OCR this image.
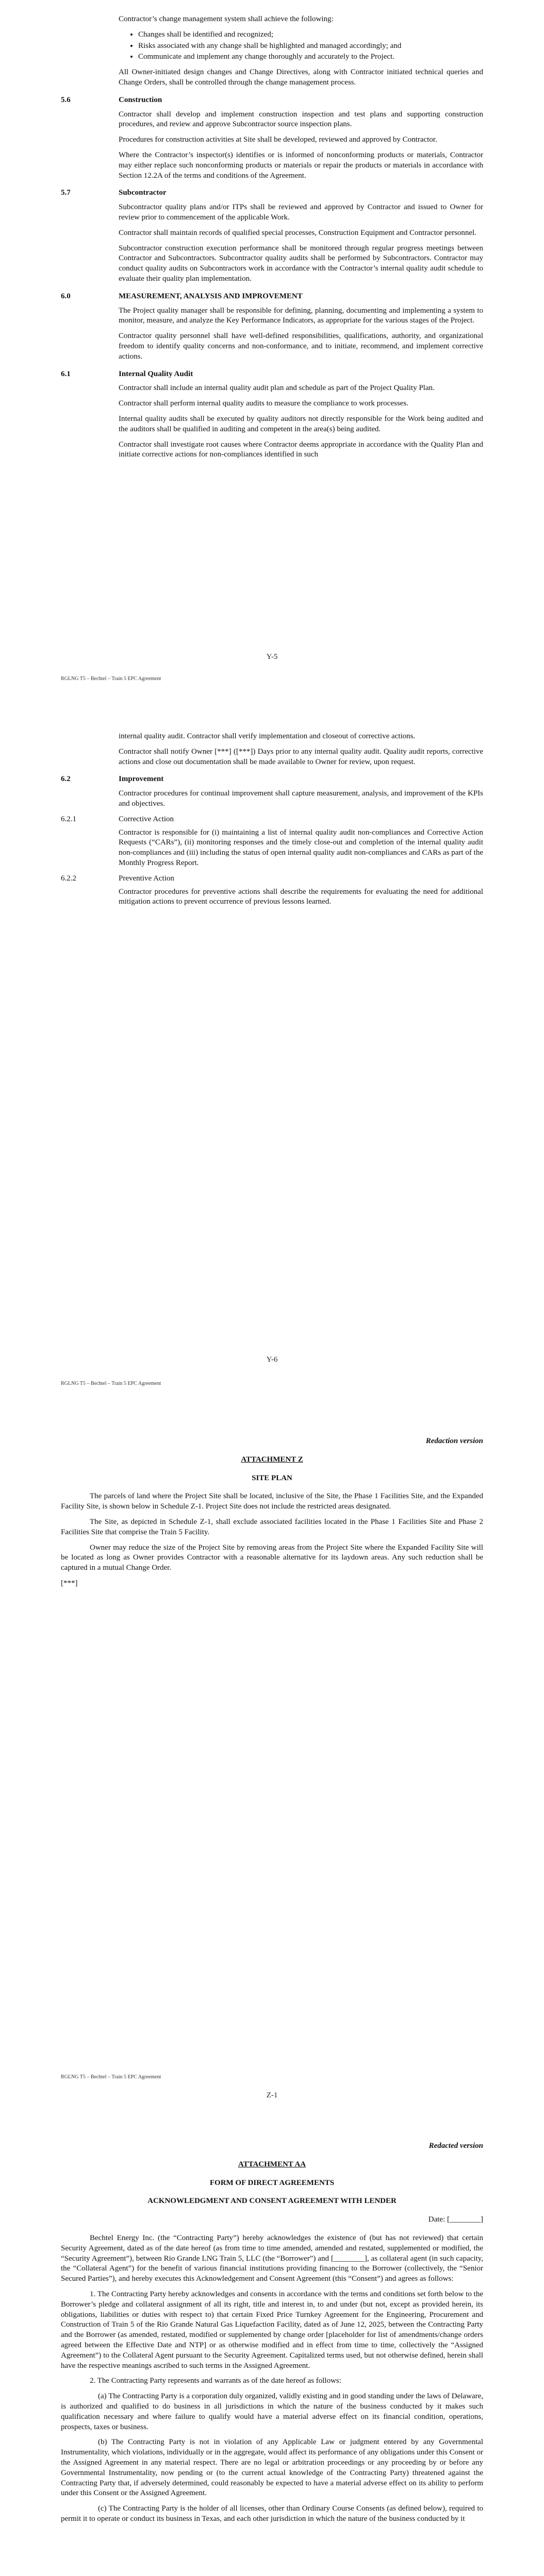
Contractor’s change management system shall achieve the following:

• Changes shall be identified and recognized;
• Risks associated with any change shall be highlighted and managed accordingly; and
• Communicate and implement any change thoroughly and accurately to the Project.

All Owner-initiated design changes and Change Directives, along with Contractor initiated technical queries and Change Orders, shall be controlled through the change management process.

5.6	Construction

Contractor shall develop and implement construction inspection and test plans and supporting construction procedures, and review and approve Subcontractor source inspection plans.

Procedures for construction activities at Site shall be developed, reviewed and approved by Contractor.

Where the Contractor’s inspector(s) identifies or is informed of nonconforming products or materials, Contractor may either replace such nonconforming products or materials or repair the products or materials in accordance with Section 12.2A of the terms and conditions of the Agreement.

5.7	Subcontractor

Subcontractor quality plans and/or ITPs shall be reviewed and approved by Contractor and issued to Owner for review prior to commencement of the applicable Work.

Contractor shall maintain records of qualified special processes, Construction Equipment and Contractor personnel.

Subcontractor construction execution performance shall be monitored through regular progress meetings between Contractor and Subcontractors. Subcontractor quality audits shall be performed by Subcontractors. Contractor may conduct quality audits on Subcontractors work in accordance with the Contractor’s internal quality audit schedule to evaluate their quality plan implementation.

6.0	MEASUREMENT, ANALYSIS AND IMPROVEMENT

The Project quality manager shall be responsible for defining, planning, documenting and implementing a system to monitor, measure, and analyze the Key Performance Indicators, as appropriate for the various stages of the Project.

Contractor quality personnel shall have well-defined responsibilities, qualifications, authority, and organizational freedom to identify quality concerns and non-conformance, and to initiate, recommend, and implement corrective actions.

6.1	Internal Quality Audit

Contractor shall include an internal quality audit plan and schedule as part of the Project Quality Plan.

Contractor shall perform internal quality audits to measure the compliance to work processes.

Internal quality audits shall be executed by quality auditors not directly responsible for the Work being audited and the auditors shall be qualified in auditing and competent in the area(s) being audited.

Contractor shall investigate root causes where Contractor deems appropriate in accordance with the Quality Plan and initiate corrective actions for non-compliances identified in such

Y-5
RGLNG T5 – Bechtel – Train 5 EPC Agreement

internal quality audit. Contractor shall verify implementation and closeout of corrective actions.

Contractor shall notify Owner [***] ([***]) Days prior to any internal quality audit. Quality audit reports, corrective actions and close out documentation shall be made available to Owner for review, upon request.

6.2	Improvement

Contractor procedures for continual improvement shall capture measurement, analysis, and improvement of the KPIs and objectives.

6.2.1	Corrective Action

Contractor is responsible for (i) maintaining a list of internal quality audit non-compliances and Corrective Action Requests (“CARs”), (ii) monitoring responses and the timely close-out and completion of the internal quality audit non-compliances and (iii) including the status of open internal quality audit non-compliances and CARs as part of the Monthly Progress Report.

6.2.2	Preventive Action

Contractor procedures for preventive actions shall describe the requirements for evaluating the need for additional mitigation actions to prevent occurrence of previous lessons learned.

Y-6
RGLNG T5 – Bechtel – Train 5 EPC Agreement
Redaction version
ATTACHMENT Z
SITE PLAN

The parcels of land where the Project Site shall be located, inclusive of the Site, the Phase 1 Facilities Site, and the Expanded Facility Site, is shown below in Schedule Z-1. Project Site does not include the restricted areas designated.

The Site, as depicted in Schedule Z-1, shall exclude associated facilities located in the Phase 1 Facilities Site and Phase 2 Facilities Site that comprise the Train 5 Facility.

Owner may reduce the size of the Project Site by removing areas from the Project Site where the Expanded Facility Site will be located as long as Owner provides Contractor with a reasonable alternative for its laydown areas. Any such reduction shall be captured in a mutual Change Order.

[***]

RGLNG T5 – Bechtel – Train 5 EPC Agreement
Z-1
Redacted version
ATTACHMENT AA
FORM OF DIRECT AGREEMENTS
ACKNOWLEDGMENT AND CONSENT AGREEMENT WITH LENDER
Date: [________]

Bechtel Energy Inc. (the “Contracting Party”) hereby acknowledges the existence of (but has not reviewed) that certain Security Agreement, dated as of the date hereof (as from time to time amended, amended and restated, supplemented or modified, the “Security Agreement”), between Rio Grande LNG Train 5, LLC (the “Borrower”) and [________], as collateral agent (in such capacity, the “Collateral Agent”) for the benefit of various financial institutions providing financing to the Borrower (collectively, the “Senior Secured Parties”), and hereby executes this Acknowledgement and Consent Agreement (this “Consent”) and agrees as follows:

1. The Contracting Party hereby acknowledges and consents in accordance with the terms and conditions set forth below to the Borrower’s pledge and collateral assignment of all its right, title and interest in, to and under (but not, except as provided herein, its obligations, liabilities or duties with respect to) that certain Fixed Price Turnkey Agreement for the Engineering, Procurement and Construction of Train 5 of the Rio Grande Natural Gas Liquefaction Facility, dated as of June 12, 2025, between the Contracting Party and the Borrower (as amended, restated, modified or supplemented by change order [placeholder for list of amendments/change orders agreed between the Effective Date and NTP] or as otherwise modified and in effect from time to time, collectively the “Assigned Agreement”) to the Collateral Agent pursuant to the Security Agreement. Capitalized terms used, but not otherwise defined, herein shall have the respective meanings ascribed to such terms in the Assigned Agreement.

2. The Contracting Party represents and warrants as of the date hereof as follows:

(a) The Contracting Party is a corporation duly organized, validly existing and in good standing under the laws of Delaware, is authorized and qualified to do business in all jurisdictions in which the nature of the business conducted by it makes such qualification necessary and where failure to qualify would have a material adverse effect on its financial condition, operations, prospects, taxes or business.

(b) The Contracting Party is not in violation of any Applicable Law or judgment entered by any Governmental Instrumentality, which violations, individually or in the aggregate, would affect its performance of any obligations under this Consent or the Assigned Agreement in any material respect. There are no legal or arbitration proceedings or any proceeding by or before any Governmental Instrumentality, now pending or (to the current actual knowledge of the Contracting Party) threatened against the Contracting Party that, if adversely determined, could reasonably be expected to have a material adverse effect on its ability to perform under this Consent or the Assigned Agreement.

(c) The Contracting Party is the holder of all licenses, other than Ordinary Course Consents (as defined below), required to permit it to operate or conduct its business in Texas, and each other jurisdiction in which the nature of the business conducted by it
